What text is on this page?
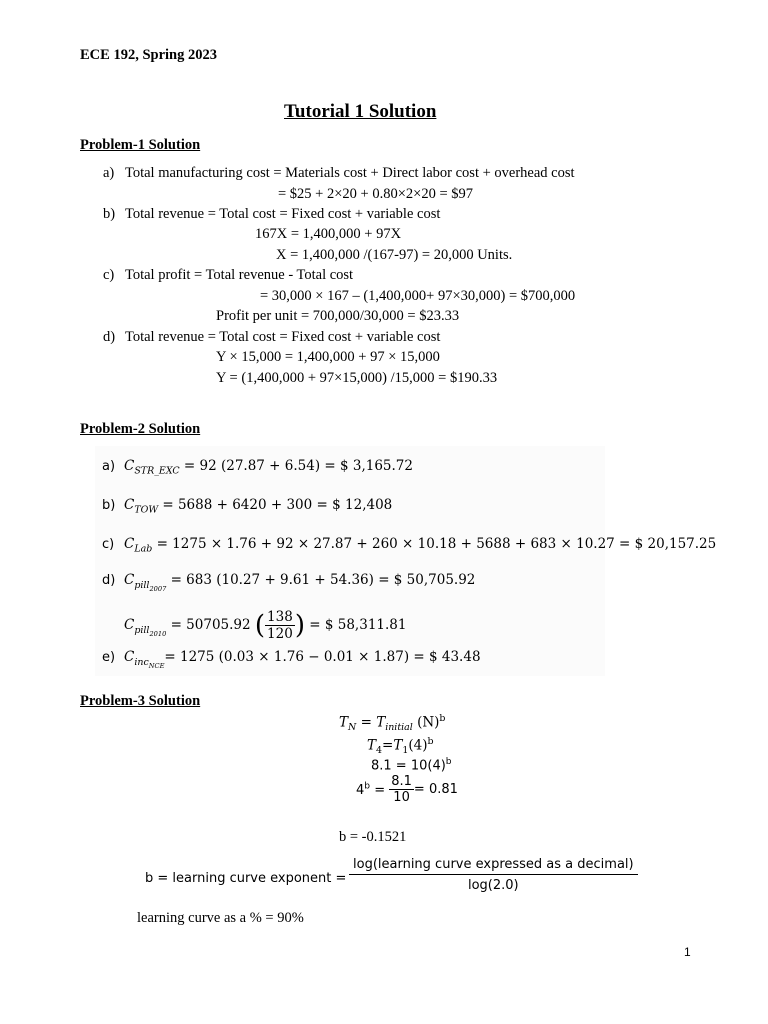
ECE 192, Spring 2023
Tutorial 1 Solution
Problem-1 Solution
a) Total manufacturing cost = Materials cost + Direct labor cost + overhead cost
= $25 + 2×20 + 0.80×2×20 = $97
b) Total revenue = Total cost = Fixed cost + variable cost
167X = 1,400,000 + 97X
X = 1,400,000 /(167-97) = 20,000 Units.
c) Total profit = Total revenue - Total cost
= 30,000 × 167 – (1,400,000+ 97×30,000) = $700,000
Profit per unit = 700,000/30,000 = $23.33
d) Total revenue = Total cost = Fixed cost + variable cost
Y × 15,000 = 1,400,000 + 97 × 15,000
Y = (1,400,000 + 97×15,000) /15,000 = $190.33
Problem-2 Solution
a) $C_{STR\_EXC} = 92$ (27.87 + 6.54) = $ 3,165.72
b) $C_{TOW} = 5688 + 6420 + 300$ = $ 12,408
c) $C_{Lab} = 1275 \times 1.76 + 92 \times 27.87 + 260 \times 10.18 + 5688 + 683 \times 10.27$ = $ 20,157.25
d) $C_{pill_{2007}} = 683$ (10.27 + 9.61 + 54.36) = $ 50,705.92
$C_{pill_{2010}} = 50705.92$ ( $\frac{138}{120}$ ) = $ 58,311.81
e) $C_{inc_{NCE}}= 1275$ (0.03 × 1.76 − 0.01 × 1.87) = $ 43.48
Problem-3 Solution
$T_N = T_{initial}$ $(N)^b$
$T_4=T_1(4)^b$
$8.1 = 10(4)^b$
$4^b = \frac{8.1}{10} = 0.81$
b = -0.1521
b = learning curve exponent =
log(learning curve expressed as a decimal)
log(2.0)
learning curve as a % = 90%
1
